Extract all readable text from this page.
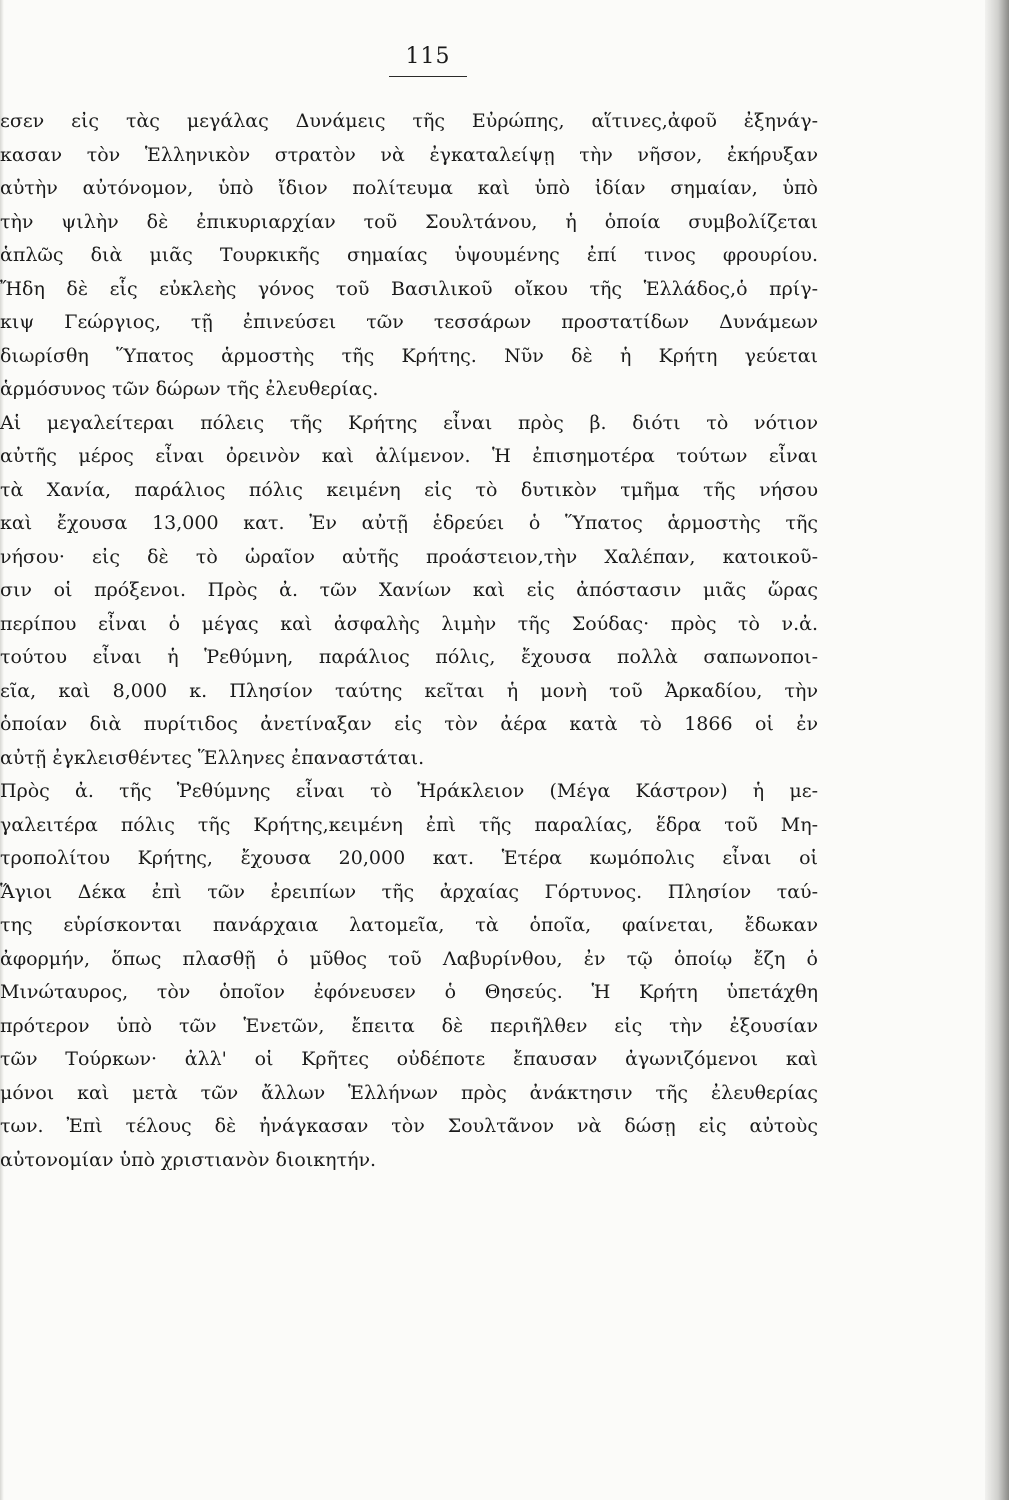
115
εσεν εἰς τὰς μεγάλας Δυνάμεις τῆς Εὐρώπης, αἵτινες,ἀφοῦ ἐξηνάγ-
κασαν τὸν Ἑλληνικὸν στρατὸν νὰ ἐγκαταλείψῃ τὴν νῆσον, ἐκήρυξαν
αὐτὴν αὐτόνομον, ὑπὸ ἴδιον πολίτευμα καὶ ὑπὸ ἰδίαν σημαίαν, ὑπὸ
τὴν ψιλὴν δὲ ἐπικυριαρχίαν τοῦ Σουλτάνου, ἡ ὁποία συμβολίζεται
ἁπλῶς διὰ μιᾶς Τουρκικῆς σημαίας ὑψουμένης ἐπί τινος φρουρίου.
Ἤδη δὲ εἷς εὐκλεὴς γόνος τοῦ Βασιλικοῦ οἴκου τῆς Ἑλλάδος,ὁ πρίγ-
κιψ Γεώργιος, τῇ ἐπινεύσει τῶν τεσσάρων προστατίδων Δυνάμεων
διωρίσθη Ὕπατος ἁρμοστὴς τῆς Κρήτης. Νῦν δὲ ἡ Κρήτη γεύεται
ἁρμόσυνος τῶν δώρων τῆς ἐλευθερίας.
Αἱ μεγαλείτεραι πόλεις τῆς Κρήτης εἶναι πρὸς β. διότι τὸ νότιον
αὐτῆς μέρος εἶναι ὀρεινὸν καὶ ἀλίμενον. Ἡ ἐπισημοτέρα τούτων εἶναι
τὰ Χανία, παράλιος πόλις κειμένη εἰς τὸ δυτικὸν τμῆμα τῆς νήσου
καὶ ἔχουσα 13,000 κατ. Ἐν αὐτῇ ἑδρεύει ὁ Ὕπατος ἁρμοστὴς τῆς
νήσου· εἰς δὲ τὸ ὡραῖον αὐτῆς προάστειον,τὴν Χαλέπαν, κατοικοῦ-
σιν οἱ πρόξενοι. Πρὸς ἀ. τῶν Χανίων καὶ εἰς ἀπόστασιν μιᾶς ὥρας
περίπου εἶναι ὁ μέγας καὶ ἀσφαλὴς λιμὴν τῆς Σούδας· πρὸς τὸ ν.ἀ.
τούτου εἶναι ἡ Ῥεθύμνη, παράλιος πόλις, ἔχουσα πολλὰ σαπωνοποι-
εῖα, καὶ 8,000 κ. Πλησίον ταύτης κεῖται ἡ μονὴ τοῦ Ἀρκαδίου, τὴν
ὁποίαν διὰ πυρίτιδος ἀνετίναξαν εἰς τὸν ἀέρα κατὰ τὸ 1866 οἱ ἐν
αὐτῇ ἐγκλεισθέντες Ἕλληνες ἐπαναστάται.
Πρὸς ἀ. τῆς Ῥεθύμνης εἶναι τὸ Ἡράκλειον (Μέγα Κάστρον) ἡ με-
γαλειτέρα πόλις τῆς Κρήτης,κειμένη ἐπὶ τῆς παραλίας, ἕδρα τοῦ Μη-
τροπολίτου Κρήτης, ἔχουσα 20,000 κατ. Ἑτέρα κωμόπολις εἶναι οἱ
Ἅγιοι Δέκα ἐπὶ τῶν ἐρειπίων τῆς ἀρχαίας Γόρτυνος. Πλησίον ταύ-
της εὑρίσκονται πανάρχαια λατομεῖα, τὰ ὁποῖα, φαίνεται, ἔδωκαν
ἀφορμήν, ὅπως πλασθῇ ὁ μῦθος τοῦ Λαβυρίνθου, ἐν τῷ ὁποίῳ ἔζη ὁ
Μινώταυρος, τὸν ὁποῖον ἐφόνευσεν ὁ Θησεύς. Ἡ Κρήτη ὑπετάχθη
πρότερον ὑπὸ τῶν Ἑνετῶν, ἔπειτα δὲ περιῆλθεν εἰς τὴν ἐξουσίαν
τῶν Τούρκων· ἀλλ' οἱ Κρῆτες οὐδέποτε ἔπαυσαν ἀγωνιζόμενοι καὶ
μόνοι καὶ μετὰ τῶν ἄλλων Ἑλλήνων πρὸς ἀνάκτησιν τῆς ἐλευθερίας
των. Ἐπὶ τέλους δὲ ἠνάγκασαν τὸν Σουλτᾶνον νὰ δώσῃ εἰς αὐτοὺς
αὐτονομίαν ὑπὸ χριστιανὸν διοικητήν.
